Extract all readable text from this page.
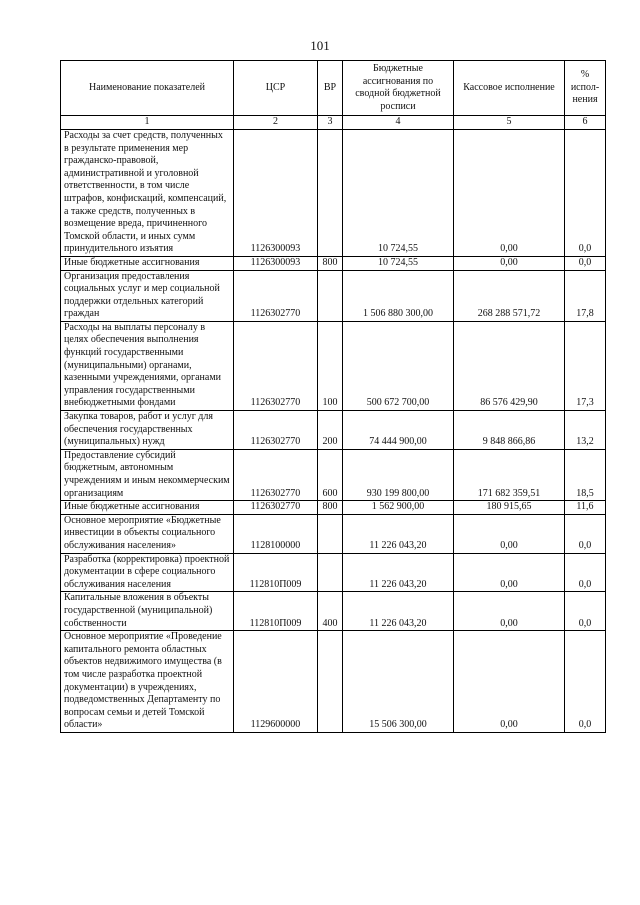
101
Наименование показателей	ЦСР	ВР	Бюджетные ассигнования по сводной бюджетной росписи	Кассовое исполнение	% испол-нения
1	2	3	4	5	6
Расходы за счет средств, полученных в результате применения мер гражданско-правовой, административной и уголовной ответственности, в том числе штрафов, конфискаций, компенсаций, а также средств, полученных в возмещение вреда, причиненного Томской области, и иных сумм принудительного изъятия	1126300093		10 724,55	0,00	0,0
Иные бюджетные ассигнования	1126300093	800	10 724,55	0,00	0,0
Организация предоставления социальных услуг и мер социальной поддержки отдельных категорий граждан	1126302770		1 506 880 300,00	268 288 571,72	17,8
Расходы на выплаты персоналу в целях обеспечения выполнения функций государственными (муниципальными) органами, казенными учреждениями, органами управления государственными внебюджетными фондами	1126302770	100	500 672 700,00	86 576 429,90	17,3
Закупка товаров, работ и услуг для обеспечения государственных (муниципальных) нужд	1126302770	200	74 444 900,00	9 848 866,86	13,2
Предоставление субсидий бюджетным, автономным учреждениям и иным некоммерческим организациям	1126302770	600	930 199 800,00	171 682 359,51	18,5
Иные бюджетные ассигнования	1126302770	800	1 562 900,00	180 915,65	11,6
Основное мероприятие «Бюджетные инвестиции в объекты социального обслуживания населения»	1128100000		11 226 043,20	0,00	0,0
Разработка (корректировка) проектной документации в сфере социального обслуживания населения	112810П009		11 226 043,20	0,00	0,0
Капитальные вложения в объекты государственной (муниципальной) собственности	112810П009	400	11 226 043,20	0,00	0,0
Основное мероприятие «Проведение капитального ремонта областных объектов недвижимого имущества (в том числе разработка проектной документации) в учреждениях, подведомственных Департаменту по вопросам семьи и детей Томской области»	1129600000		15 506 300,00	0,00	0,0
